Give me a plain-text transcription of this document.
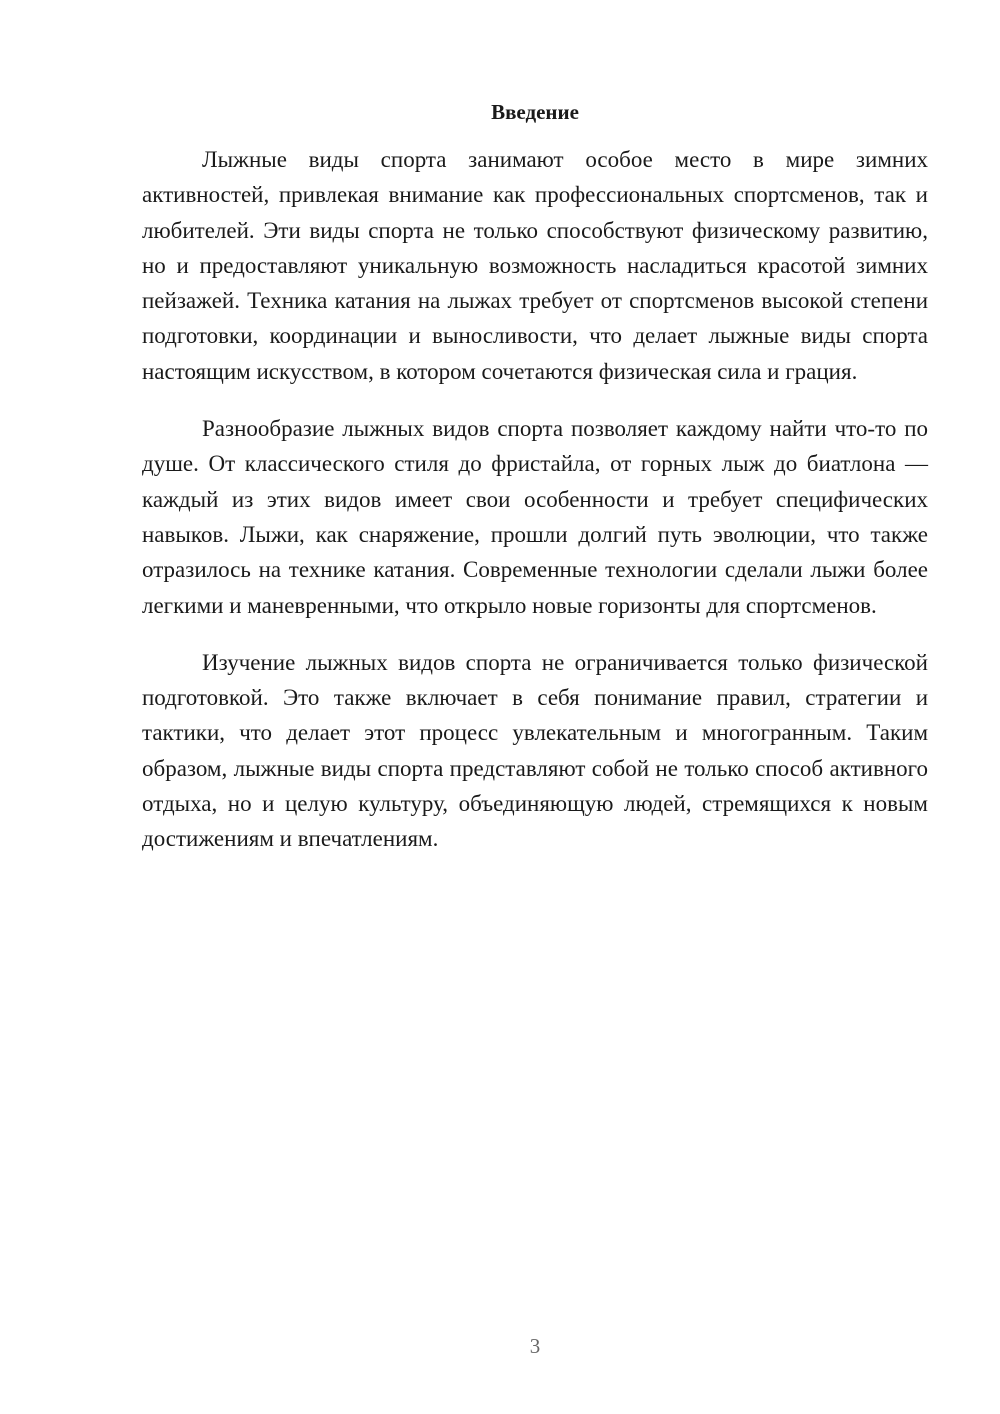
Введение

Лыжные виды спорта занимают особое место в мире зимних активностей, привлекая внимание как профессиональных спортсменов, так и любителей. Эти виды спорта не только способствуют физическому развитию, но и предоставляют уникальную возможность насладиться красотой зимних пейзажей. Техника катания на лыжах требует от спортсменов высокой степени подготовки, координации и выносливости, что делает лыжные виды спорта настоящим искусством, в котором сочетаются физическая сила и грация.

Разнообразие лыжных видов спорта позволяет каждому найти что-то по душе. От классического стиля до фристайла, от горных лыж до биатлона — каждый из этих видов имеет свои особенности и требует специфических навыков. Лыжи, как снаряжение, прошли долгий путь эволюции, что также отразилось на технике катания. Современные технологии сделали лыжи более легкими и маневренными, что открыло новые горизонты для спортсменов.

Изучение лыжных видов спорта не ограничивается только физической подготовкой. Это также включает в себя понимание правил, стратегии и тактики, что делает этот процесс увлекательным и многогранным. Таким образом, лыжные виды спорта представляют собой не только способ активного отдыха, но и целую культуру, объединяющую людей, стремящихся к новым достижениям и впечатлениям.

3
